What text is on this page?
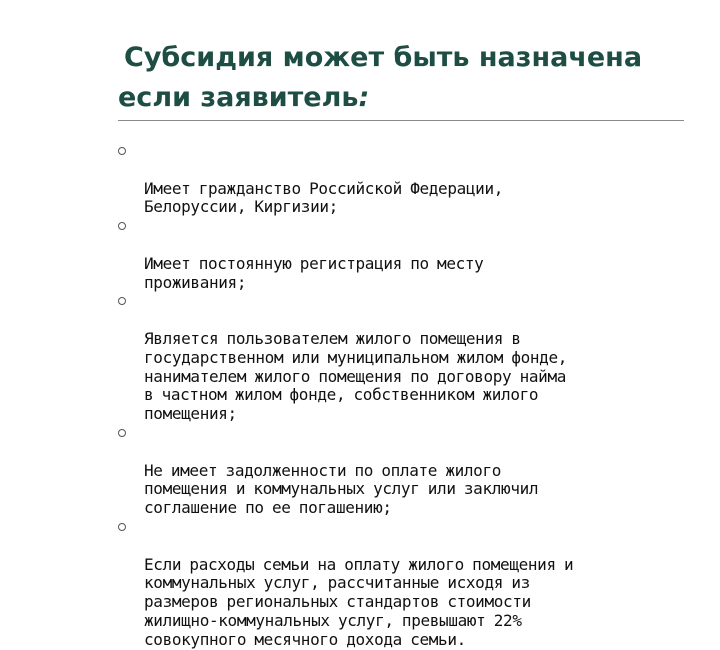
Субсидия может быть назначена
если заявитель:

Имеет гражданство Российской Федерации,
Белоруссии, Киргизии;

Имеет постоянную регистрация по месту
проживания;

Является пользователем жилого помещения в
государственном или муниципальном жилом фонде,
нанимателем жилого помещения по договору найма
в частном жилом фонде, собственником жилого
помещения;

Не имеет задолженности по оплате жилого
помещения и коммунальных услуг или заключил
соглашение по ее погашению;

Если расходы семьи на оплату жилого помещения и
коммунальных услуг, рассчитанные исходя из
размеров региональных стандартов стоимости
жилищно-коммунальных услуг, превышают 22%
совокупного месячного дохода семьи.
